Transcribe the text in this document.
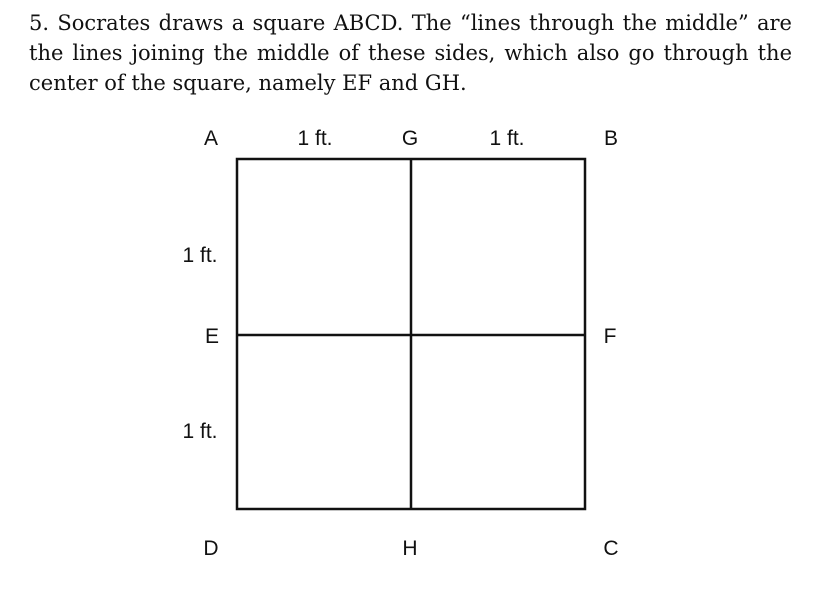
5. Socrates draws a square ABCD. The “lines through the middle” are the lines joining the middle of these sides, which also go through the center of the square, namely EF and GH.

A	G	B
E	F
D	H	C
1 ft.	1 ft.
1 ft.
1 ft.
